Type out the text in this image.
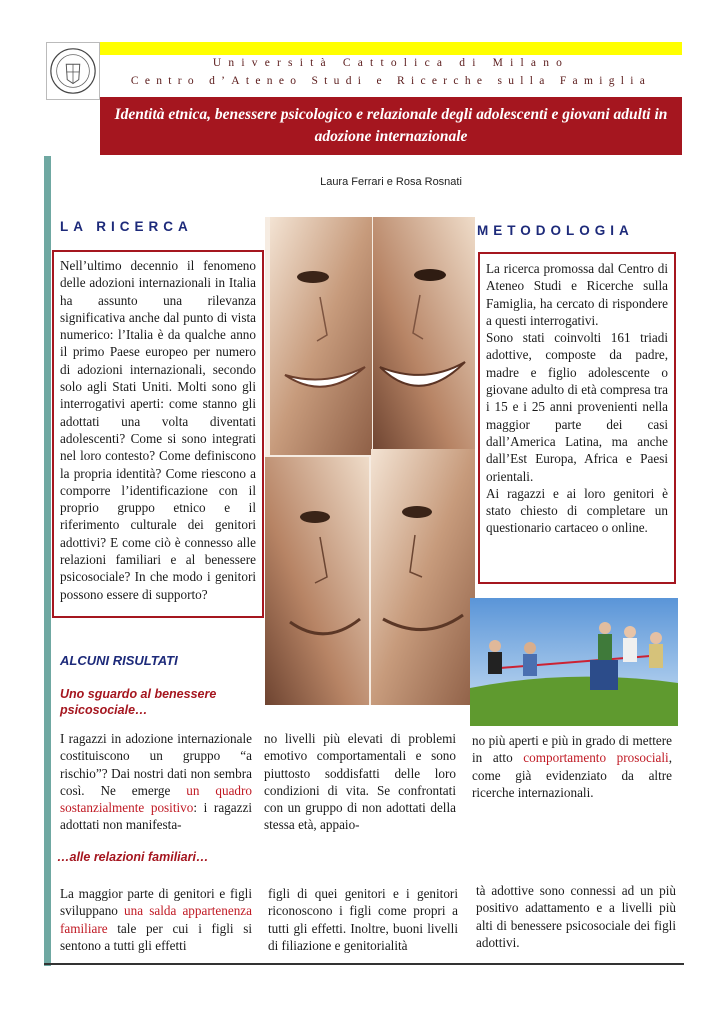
Università Cattolica di Milano
Centro d’Ateneo Studi e Ricerche sulla Famiglia
Identità etnica, benessere psicologico e relazionale degli adolescenti e giovani adulti in adozione internazionale
Laura Ferrari e Rosa Rosnati
LA RICERCA

Nell’ultimo decennio il fenomeno delle adozioni internazionali in Italia ha assunto una rilevanza significativa anche dal punto di vista numerico: l’Italia è da qualche anno il primo Paese europeo per numero di adozioni internazionali, secondo solo agli Stati Uniti. Molti sono gli interrogativi aperti: come stanno gli adottati una volta diventati adolescenti? Come si sono integrati nel loro contesto? Come definiscono la propria identità? Come riescono a comporre l’identificazione con il proprio gruppo etnico e il riferimento culturale dei genitori adottivi? E come ciò è connesso alle relazioni familiari e al benessere psicosociale? In che modo i genitori possono essere di supporto?

METODOLOGIA

La ricerca promossa dal Centro di Ateneo Studi e Ricerche sulla Famiglia, ha cercato di rispondere a questi interrogativi.

Sono stati coinvolti 161 triadi adottive, composte da padre, madre e figlio adolescente o giovane adulto di età compresa tra i 15 e i 25 anni provenienti nella maggior parte dei casi dall’America Latina, ma anche dall’Est Europa, Africa e Paesi orientali.

Ai ragazzi e ai loro genitori è stato chiesto di completare un questionario cartaceo o online.

ALCUNI RISULTATI
Uno sguardo al benessere psicosociale…
I ragazzi in adozione internazionale costituiscono un gruppo “a rischio”? Dai nostri dati non sembra così. Ne emerge un quadro sostanzialmente positivo: i ragazzi adottati non manifesta-
no livelli più elevati di problemi emotivo comportamentali e sono piuttosto soddisfatti delle loro condizioni di vita. Se confrontati con un gruppo di non adottati della stessa età, appaio-
no più aperti e più in grado di mettere in atto comportamento prosociali, come già evidenziato da altre ricerche internazionali.
…alle relazioni familiari…
La maggior parte di genitori e figli sviluppano una salda appartenenza familiare tale per cui i figli si sentono a tutti gli effetti
figli di quei genitori e i genitori riconoscono i figli come propri a tutti gli effetti. Inoltre, buoni livelli di filiazione e genitorialità
tà adottive sono connessi ad un più positivo adattamento e a livelli più alti di benessere psicosociale dei figli adottivi.
